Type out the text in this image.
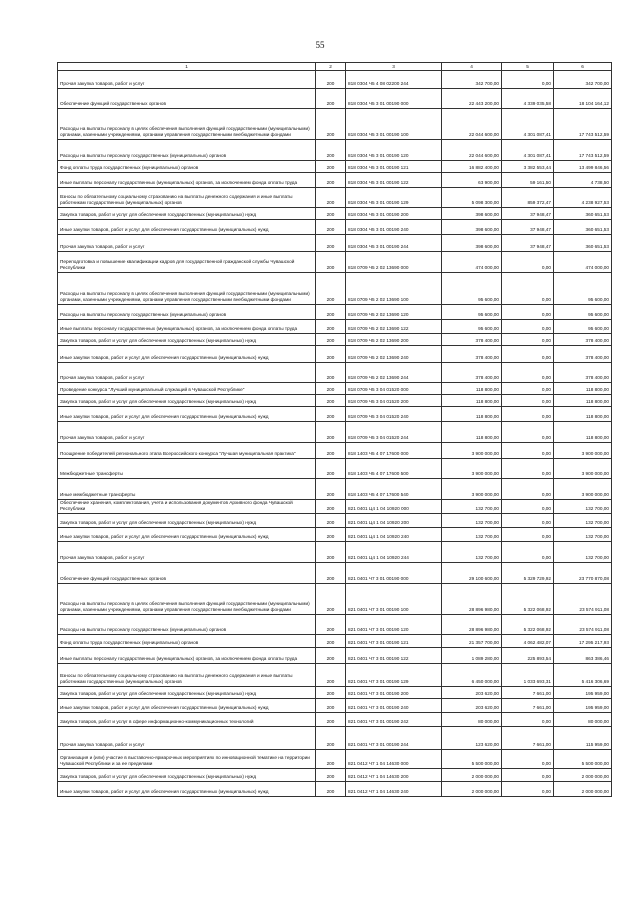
55
1	2	3	4	5	6
Прочая закупка товаров, работ и услуг	200	818 0304 Ч5 4 08 02200 244	342 700,00	0,00	342 700,00
Обеспечение функций государственных органов	200	818 0304 Ч5 3 01 00190 000	22 443 200,00	4 339 035,58	18 104 164,12
Расходы на выплаты персоналу в целях обеспечения выполнения функций государственными (муниципальными) органами, казенными учреждениями, органами управления государственными внебюджетными фондами	200	818 0304 Ч5 3 01 00190 100	22 044 600,00	4 301 087,41	17 743 512,59
Расходы на выплаты персоналу государственных (муниципальных) органов	200	818 0304 Ч5 3 01 00190 120	22 044 600,00	4 301 087,41	17 743 512,59
Фонд оплаты труда государственных (муниципальных) органов	200	818 0304 Ч5 3 01 00190 121	16 882 400,00	3 382 553,44	13 499 846,56
Иные выплаты персоналу государственных (муниципальных) органов, за исключением фонда оплаты труда	200	818 0304 Ч5 3 01 00190 122	63 900,00	59 161,50	4 738,50
Взносы по обязательному социальному страхованию на выплаты денежного содержания и иные выплаты работникам государственных (муниципальных) органов	200	818 0304 Ч5 3 01 00190 129	5 098 300,00	859 372,47	4 238 927,53
Закупка товаров, работ и услуг для обеспечения государственных (муниципальных) нужд	200	818 0304 Ч5 3 01 00190 200	398 600,00	37 948,47	360 651,53
Иные закупки товаров, работ и услуг для обеспечения государственных (муниципальных) нужд	200	818 0304 Ч5 3 01 00190 240	398 600,00	37 948,47	360 651,53
Прочая закупка товаров, работ и услуг	200	818 0304 Ч5 3 01 00190 244	398 600,00	37 948,47	360 651,53
Переподготовка и повышение квалификации кадров для государственной гражданской службы Чувашской Республики	200	818 0709 Ч5 2 02 13690 000	474 000,00	0,00	474 000,00
Расходы на выплаты персоналу в целях обеспечения выполнения функций государственными (муниципальными) органами, казенными учреждениями, органами управления государственными внебюджетными фондами	200	818 0709 Ч5 2 02 13690 100	95 600,00	0,00	95 600,00
Расходы на выплаты персоналу государственных (муниципальных) органов	200	818 0709 Ч5 2 02 13690 120	95 600,00	0,00	95 600,00
Иные выплаты персоналу государственных (муниципальных) органов, за исключением фонда оплаты труда	200	818 0709 Ч5 2 02 13690 122	95 600,00	0,00	95 600,00
Закупка товаров, работ и услуг для обеспечения государственных (муниципальных) нужд	200	818 0709 Ч5 2 02 13690 200	378 400,00	0,00	378 400,00
Иные закупки товаров, работ и услуг для обеспечения государственных (муниципальных) нужд	200	818 0709 Ч5 2 02 13690 240	378 400,00	0,00	378 400,00
Прочая закупка товаров, работ и услуг	200	818 0709 Ч5 2 02 13690 244	378 400,00	0,00	378 400,00
Проведение конкурса "Лучший муниципальный служащий в Чувашской Республике"	200	818 0709 Ч5 3 04 01520 000	118 800,00	0,00	118 800,00
Закупка товаров, работ и услуг для обеспечения государственных (муниципальных) нужд	200	818 0709 Ч5 3 04 01520 200	118 800,00	0,00	118 800,00
Иные закупки товаров, работ и услуг для обеспечения государственных (муниципальных) нужд	200	818 0709 Ч5 3 04 01520 240	118 800,00	0,00	118 800,00
Прочая закупка товаров, работ и услуг	200	818 0709 Ч5 3 04 01520 244	118 800,00	0,00	118 800,00
Поощрение победителей регионального этапа Всероссийского конкурса "Лучшая муниципальная практика"	200	818 1403 Ч5 4 07 17600 000	3 900 000,00	0,00	3 900 000,00
Межбюджетные трансферты	200	818 1403 Ч5 4 07 17600 500	3 900 000,00	0,00	3 900 000,00
Иные межбюджетные трансферты	200	818 1403 Ч5 4 07 17600 540	3 900 000,00	0,00	3 900 000,00
Обеспечение хранения, комплектования, учета и использования документов Архивного фонда Чувашской Республики	200	821 0401 Ц4 1 04 10920 000	132 700,00	0,00	132 700,00
Закупка товаров, работ и услуг для обеспечения государственных (муниципальных) нужд	200	821 0401 Ц4 1 04 10920 200	132 700,00	0,00	132 700,00
Иные закупки товаров, работ и услуг для обеспечения государственных (муниципальных) нужд	200	821 0401 Ц4 1 04 10920 240	132 700,00	0,00	132 700,00
Прочая закупка товаров, работ и услуг	200	821 0401 Ц4 1 04 10920 244	132 700,00	0,00	132 700,00
Обеспечение функций государственных органов	200	821 0401 Ч7 3 01 00190 000	29 100 600,00	5 329 729,92	23 770 870,08
Расходы на выплаты персоналу в целях обеспечения выполнения функций государственными (муниципальными) органами, казенными учреждениями, органами управления государственными внебюджетными фондами	200	821 0401 Ч7 3 01 00190 100	28 896 980,00	5 322 068,92	23 574 911,08
Расходы на выплаты персоналу государственных (муниципальных) органов	200	821 0401 Ч7 3 01 00190 120	28 896 980,00	5 322 068,92	23 574 911,08
Фонд оплаты труда государственных (муниципальных) органов	200	821 0401 Ч7 3 01 00190 121	21 357 700,00	4 062 482,07	17 295 217,93
Иные выплаты персоналу государственных (муниципальных) органов, за исключением фонда оплаты труда	200	821 0401 Ч7 3 01 00190 122	1 089 280,00	225 893,54	863 386,46
Взносы по обязательному социальному страхованию на выплаты денежного содержания и иные выплаты работникам государственных (муниципальных) органов	200	821 0401 Ч7 3 01 00190 129	6 450 000,00	1 033 693,31	5 416 306,69
Закупка товаров, работ и услуг для обеспечения государственных (муниципальных) нужд	200	821 0401 Ч7 3 01 00190 200	203 620,00	7 661,00	195 959,00
Иные закупки товаров, работ и услуг для обеспечения государственных (муниципальных) нужд	200	821 0401 Ч7 3 01 00190 240	203 620,00	7 661,00	195 959,00
Закупка товаров, работ и услуг в сфере информационно-коммуникационных технологий	200	821 0401 Ч7 3 01 00190 242	80 000,00	0,00	80 000,00
Прочая закупка товаров, работ и услуг	200	821 0401 Ч7 3 01 00190 244	123 620,00	7 661,00	115 959,00
Организация и (или) участие в выставочно-ярмарочных мероприятиях по инновационной тематике на территории Чувашской Республики и за ее пределами	200	821 0412 Ч7 1 04 14630 000	5 500 000,00	0,00	5 500 000,00
Закупка товаров, работ и услуг для обеспечения государственных (муниципальных) нужд	200	821 0412 Ч7 1 04 14630 200	2 000 000,00	0,00	2 000 000,00
Иные закупки товаров, работ и услуг для обеспечения государственных (муниципальных) нужд	200	821 0412 Ч7 1 04 14630 240	2 000 000,00	0,00	2 000 000,00
